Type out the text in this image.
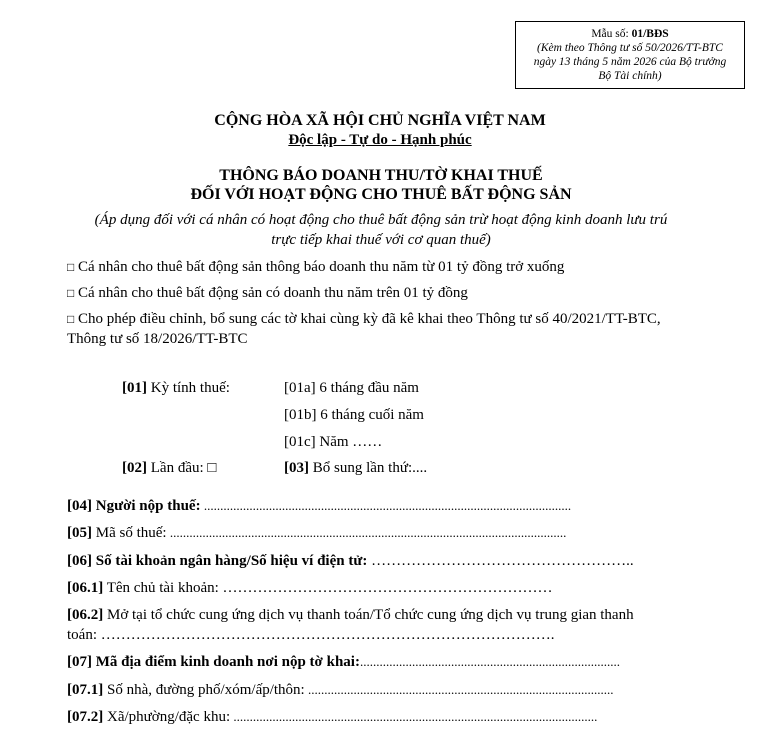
Mẫu số: 01/BĐS
(Kèm theo Thông tư số 50/2026/TT-BTC
ngày 13 tháng 5 năm 2026 của Bộ trưởng
Bộ Tài chính)
CỘNG HÒA XÃ HỘI CHỦ NGHĨA VIỆT NAM
Độc lập - Tự do - Hạnh phúc
THÔNG BÁO DOANH THU/TỜ KHAI THUẾ
ĐỐI VỚI HOẠT ĐỘNG CHO THUÊ BẤT ĐỘNG SẢN
(Áp dụng đối với cá nhân có hoạt động cho thuê bất động sản trừ hoạt động kinh doanh lưu trú
trực tiếp khai thuế với cơ quan thuế)
□ Cá nhân cho thuê bất động sản thông báo doanh thu năm từ 01 tỷ đồng trở xuống
□ Cá nhân cho thuê bất động sản có doanh thu năm trên 01 tỷ đồng
□ Cho phép điều chỉnh, bổ sung các tờ khai cùng kỳ đã kê khai theo Thông tư số 40/2021/TT-BTC,
Thông tư số 18/2026/TT-BTC
[01] Kỳ tính thuế:	[01a] 6 tháng đầu năm
[01b] 6 tháng cuối năm
[01c] Năm ……
[02] Lần đầu: □	[03] Bổ sung lần thứ:....
[04] Người nộp thuế: .................................................................................................................
[05] Mã số thuế: ..........................................................................................................................
[06] Số tài khoản ngân hàng/Số hiệu ví điện tử: ……………………………………………..
[06.1] Tên chủ tài khoản: …………………………………………………………
[06.2] Mở tại tổ chức cung ứng dịch vụ thanh toán/Tổ chức cung ứng dịch vụ trung gian thanh
toán: ……………………………………………………………………………….
[07] Mã địa điểm kinh doanh nơi nộp tờ khai:................................................................................
[07.1] Số nhà, đường phố/xóm/ấp/thôn: ..............................................................................................
[07.2] Xã/phường/đặc khu: ................................................................................................................
